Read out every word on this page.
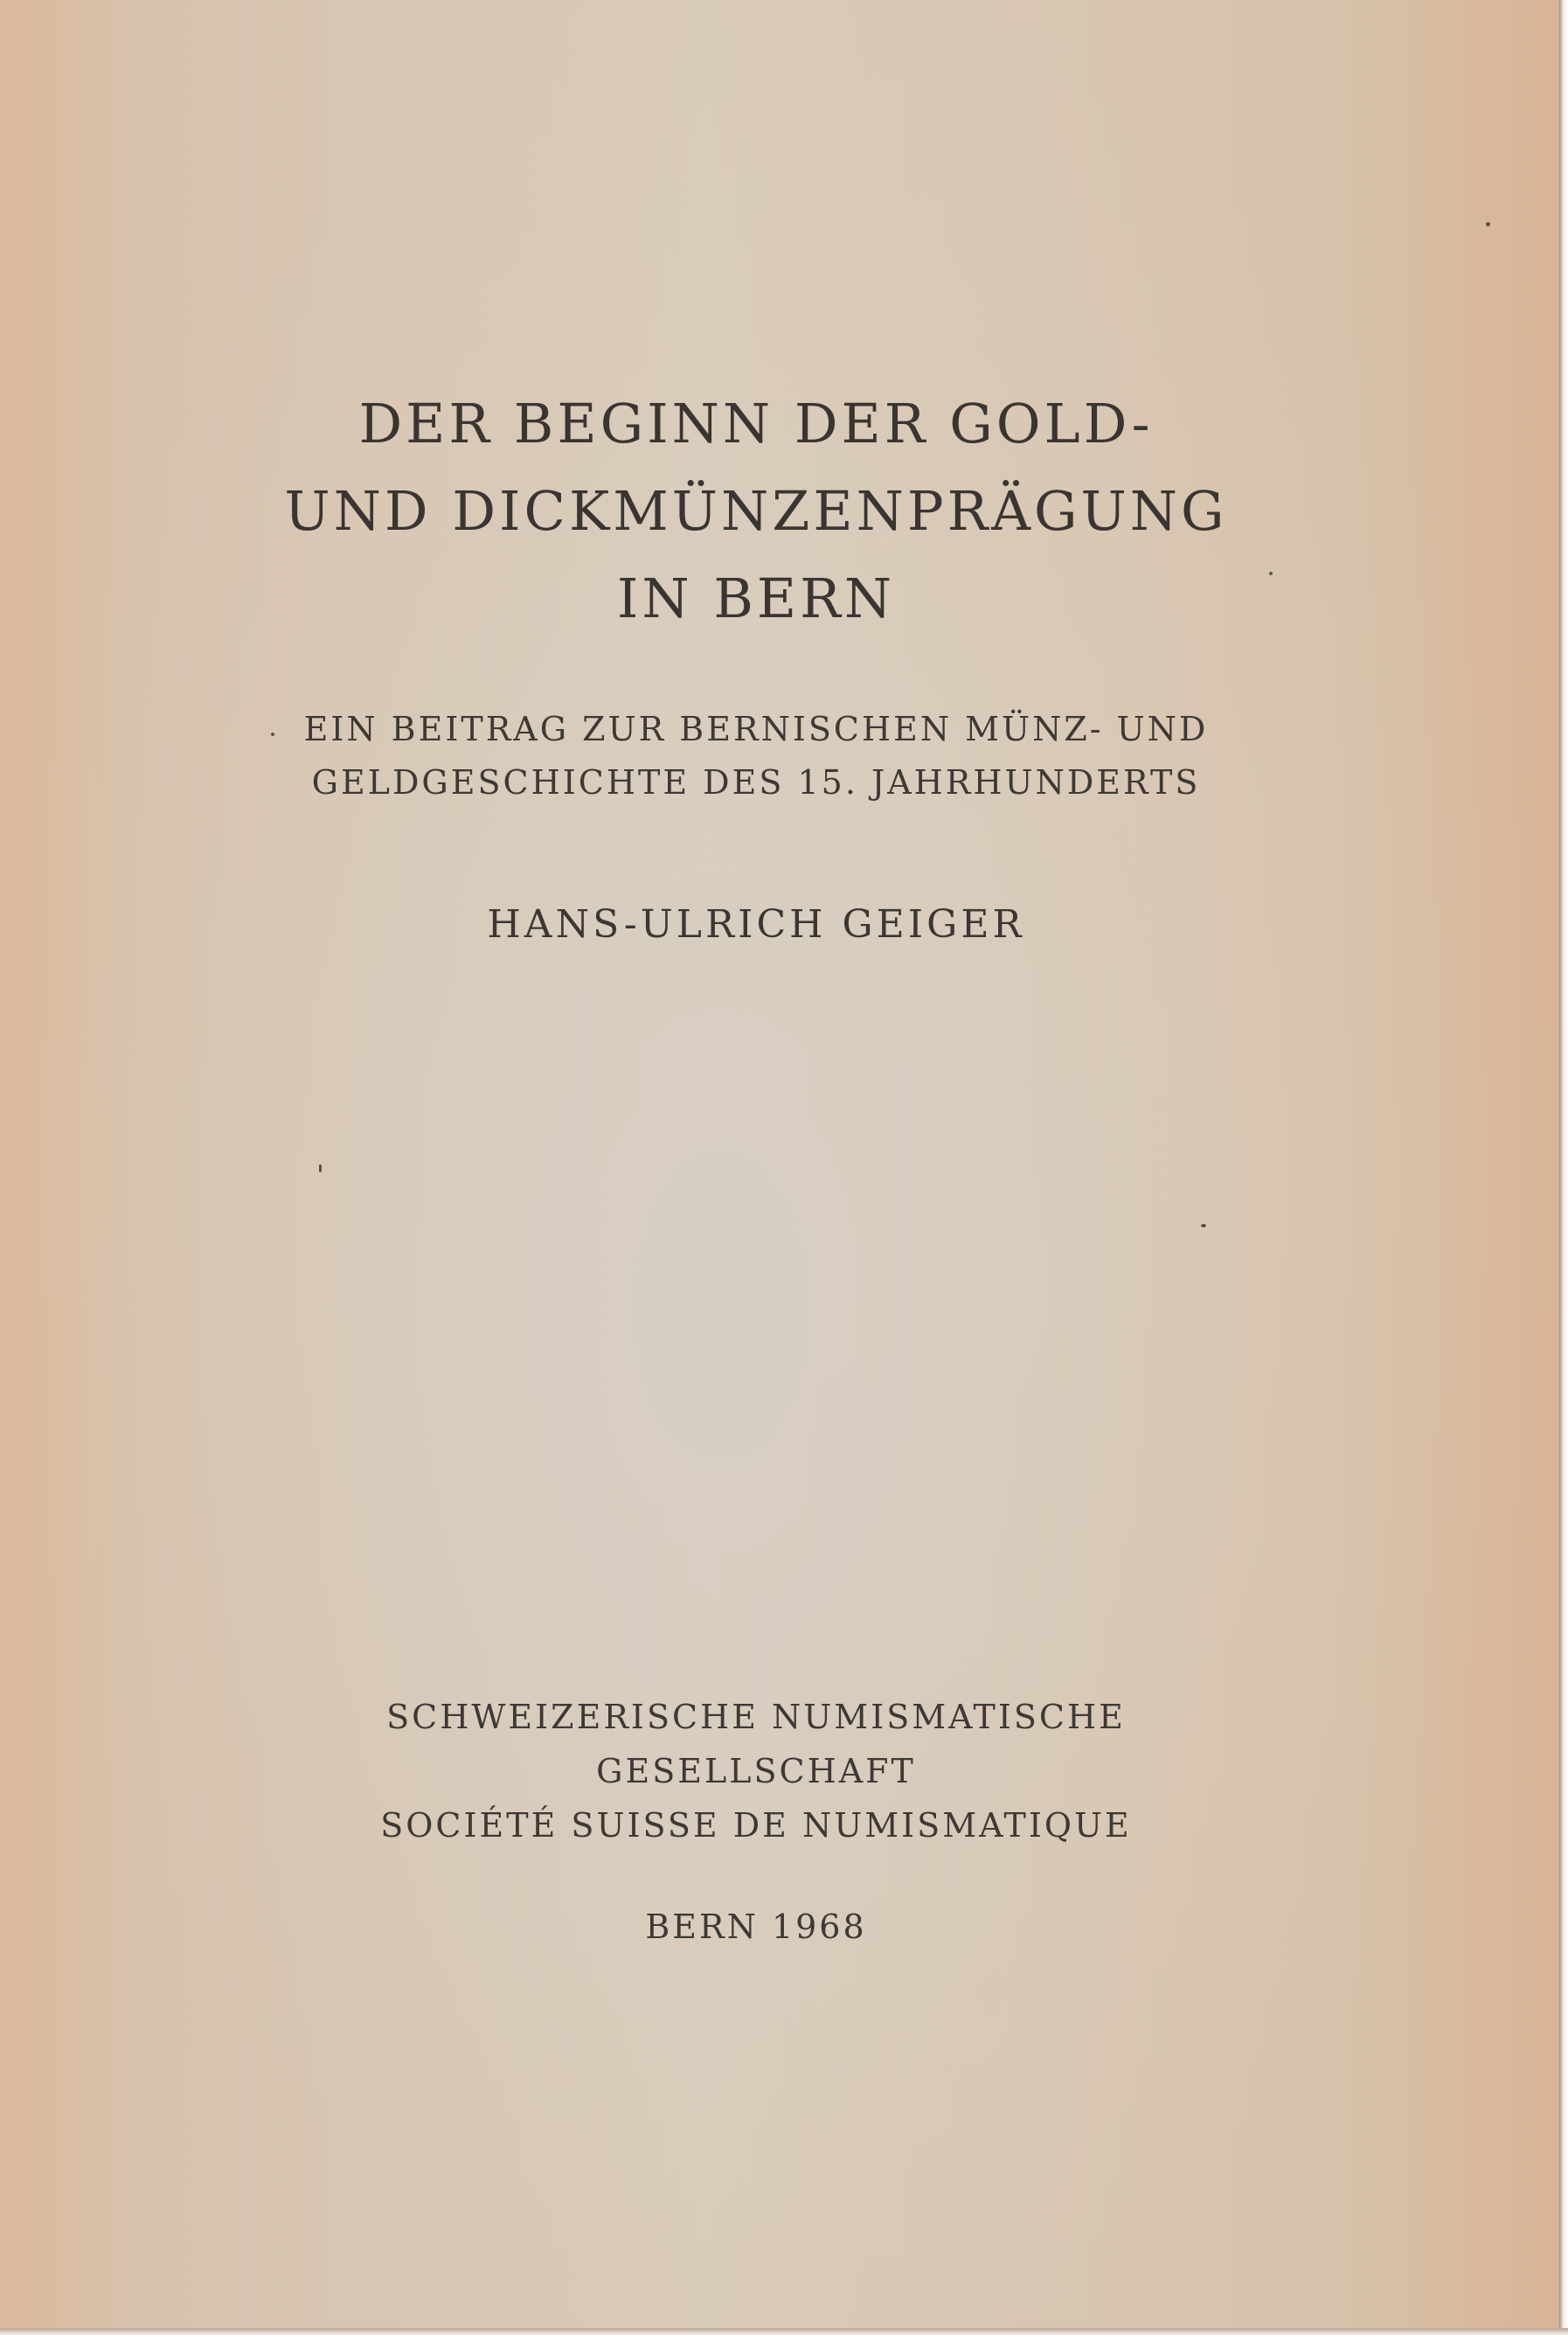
DER BEGINN DER GOLD-
UND DICKMÜNZENPRÄGUNG
IN BERN
EIN BEITRAG ZUR BERNISCHEN MÜNZ- UND
GELDGESCHICHTE DES 15. JAHRHUNDERTS
HANS-ULRICH GEIGER
SCHWEIZERISCHE NUMISMATISCHE
GESELLSCHAFT
SOCIÉTÉ SUISSE DE NUMISMATIQUE
BERN 1968
